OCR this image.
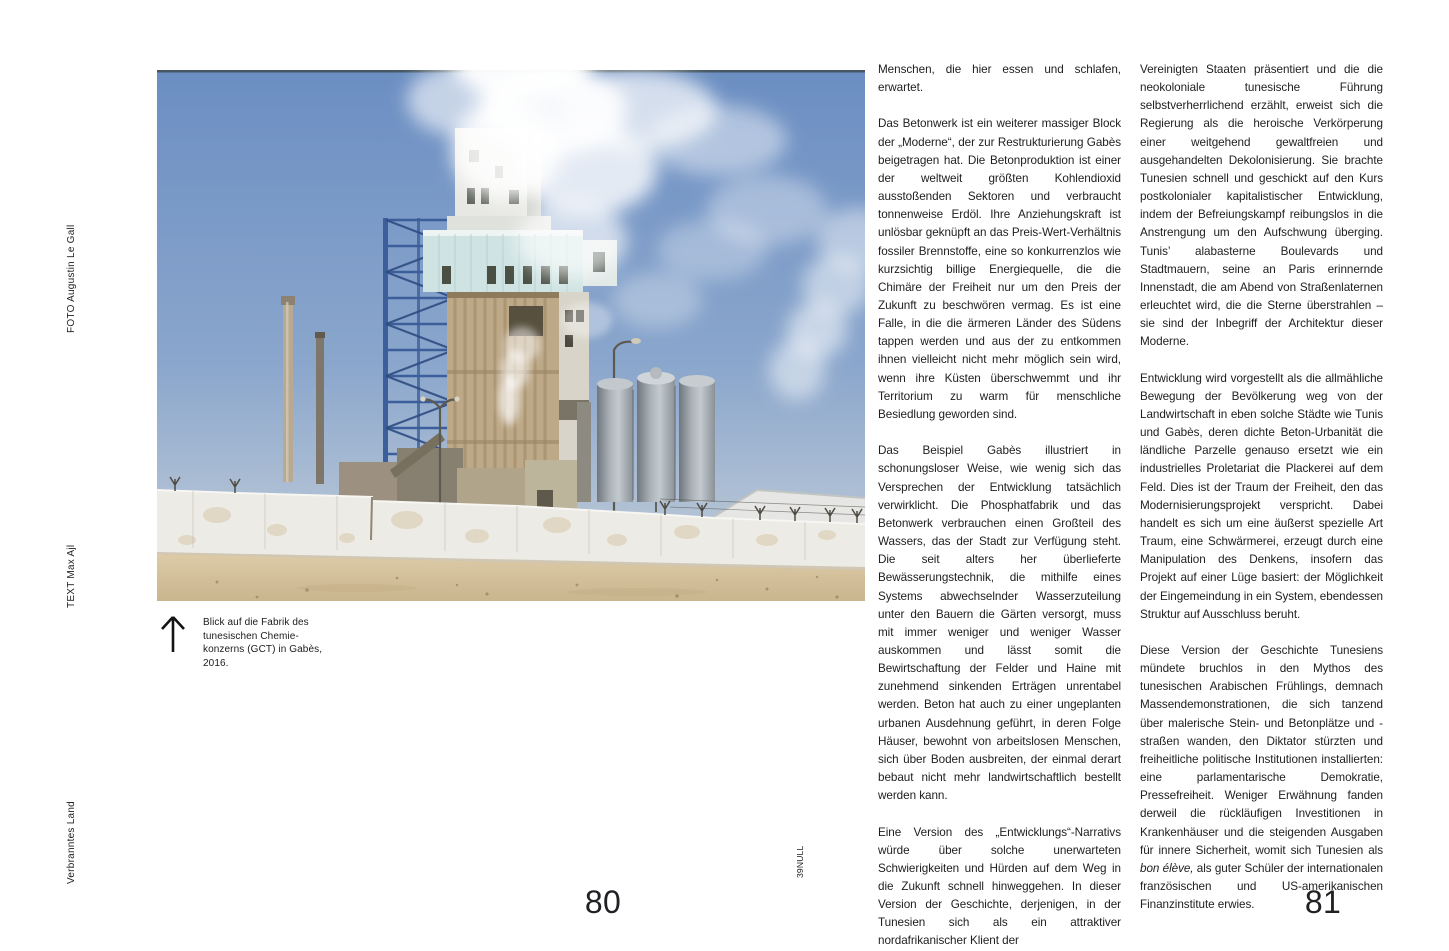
FOTO Augustin Le Gall
TEXT Max Ajl
Verbranntes Land	39NULL
Blick auf die Fabrik des
tunesischen Chemie-
konzerns (GCT) in Gabès,
2016.

Menschen, die hier essen und schlafen, erwartet.

Das Betonwerk ist ein weiterer massiger Block der „Moderne“, der zur Restrukturierung Gabès beigetragen hat. Die Betonproduktion ist einer der weltweit größten Kohlendioxid ausstoßenden Sektoren und verbraucht tonnenweise Erdöl. Ihre Anziehungskraft ist unlösbar geknüpft an das Preis-Wert-Verhältnis fossiler Brennstoffe, eine so konkurrenzlos wie kurzsichtig billige Energiequelle, die die Chimäre der Freiheit nur um den Preis der Zukunft zu beschwören vermag. Es ist eine Falle, in die die ärmeren Länder des Südens tappen werden und aus der zu entkommen ihnen vielleicht nicht mehr möglich sein wird, wenn ihre Küsten überschwemmt und ihr Territorium zu warm für menschliche Besiedlung geworden sind.

Das Beispiel Gabès illustriert in schonungsloser Weise, wie wenig sich das Versprechen der Entwicklung tatsächlich verwirklicht. Die Phosphatfabrik und das Betonwerk verbrauchen einen Großteil des Wassers, das der Stadt zur Verfügung steht. Die seit alters her überlieferte Bewässerungstechnik, die mithilfe eines Systems abwechselnder Wasserzuteilung unter den Bauern die Gärten versorgt, muss mit immer weniger und weniger Wasser auskommen und lässt somit die Bewirtschaftung der Felder und Haine mit zunehmend sinkenden Erträgen unrentabel werden. Beton hat auch zu einer ungeplanten urbanen Ausdehnung geführt, in deren Folge Häuser, bewohnt von arbeitslosen Menschen, sich über Boden ausbreiten, der einmal derart bebaut nicht mehr landwirtschaftlich bestellt werden kann.

Eine Version des „Entwicklungs“-Narrativs würde über solche unerwarteten Schwierigkeiten und Hürden auf dem Weg in die Zukunft schnell hinweggehen. In dieser Version der Geschichte, derjenigen, in der Tunesien sich als ein attraktiver nordafrikanischer Klient der

Vereinigten Staaten präsentiert und die die neokoloniale tunesische Führung selbstverherrlichend erzählt, erweist sich die Regierung als die heroische Verkörperung einer weitgehend gewaltfreien und ausgehandelten Dekolonisierung. Sie brachte Tunesien schnell und geschickt auf den Kurs postkolonialer kapitalistischer Entwicklung, indem der Befreiungskampf reibungslos in die Anstrengung um den Aufschwung überging. Tunis’ alabasterne Boulevards und Stadtmauern, seine an Paris erinnernde Innenstadt, die am Abend von Straßenlaternen erleuchtet wird, die die Sterne überstrahlen – sie sind der Inbegriff der Architektur dieser Moderne.

Entwicklung wird vorgestellt als die allmähliche Bewegung der Bevölkerung weg von der Landwirtschaft in eben solche Städte wie Tunis und Gabès, deren dichte Beton-Urbanität die ländliche Parzelle genauso ersetzt wie ein industrielles Proletariat die Plackerei auf dem Feld. Dies ist der Traum der Freiheit, den das Modernisierungsprojekt verspricht. Dabei handelt es sich um eine äußerst spezielle Art Traum, eine Schwärmerei, erzeugt durch eine Manipulation des Denkens, insofern das Projekt auf einer Lüge basiert: der Möglichkeit der Eingemeindung in ein System, ebendessen Struktur auf Ausschluss beruht.

Diese Version der Geschichte Tunesiens mündete bruchlos in den Mythos des tunesischen Arabischen Frühlings, demnach Massendemonstrationen, die sich tanzend über malerische Stein- und Betonplätze und -straßen wanden, den Diktator stürzten und freiheitliche politische Institutionen installierten: eine parlamentarische Demokratie, Pressefreiheit. Weniger Erwähnung fanden derweil die rückläufigen Investitionen in Krankenhäuser und die steigenden Ausgaben für innere Sicherheit, womit sich Tunesien als bon élève, als guter Schüler der internationalen französischen und US-amerikanischen Finanzinstitute erwies.

80	81
